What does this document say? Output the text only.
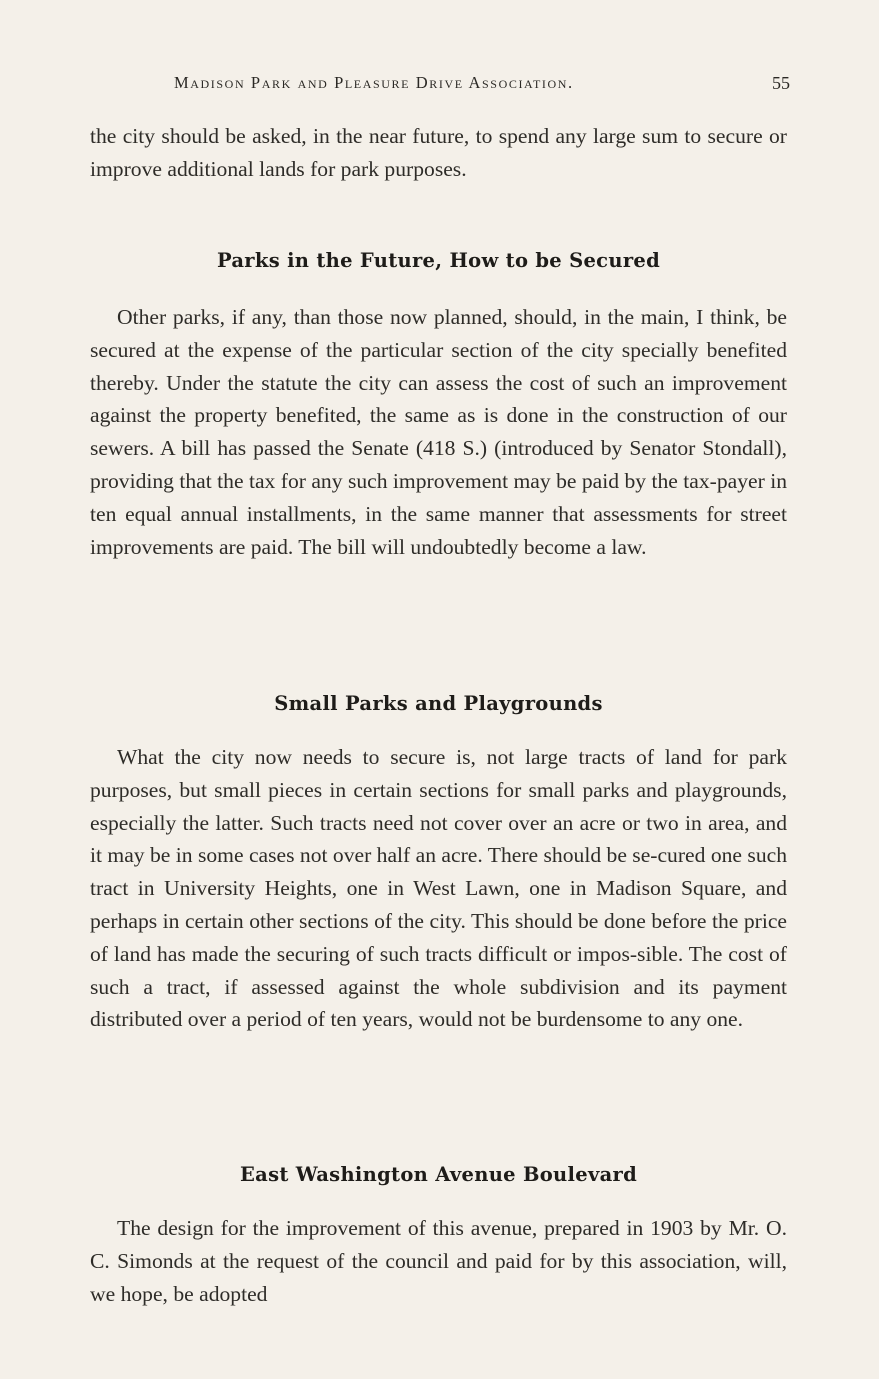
Madison Park and Pleasure Drive Association.	55

the city should be asked, in the near future, to spend any large sum to secure or improve additional lands for park purposes.

Parks in the Future, How to be Secured

Other parks, if any, than those now planned, should, in the main, I think, be secured at the expense of the particular section of the city specially benefited thereby. Under the statute the city can assess the cost of such an improvement against the property benefited, the same as is done in the construction of our sewers. A bill has passed the Senate (418 S.) (introduced by Senator Stondall), providing that the tax for any such improvement may be paid by the tax-payer in ten equal annual installments, in the same manner that assessments for street improvements are paid. The bill will undoubtedly become a law.

Small Parks and Playgrounds

What the city now needs to secure is, not large tracts of land for park purposes, but small pieces in certain sections for small parks and playgrounds, especially the latter. Such tracts need not cover over an acre or two in area, and it may be in some cases not over half an acre. There should be se-cured one such tract in University Heights, one in West Lawn, one in Madison Square, and perhaps in certain other sections of the city. This should be done before the price of land has made the securing of such tracts difficult or impos-sible. The cost of such a tract, if assessed against the whole subdivision and its payment distributed over a period of ten years, would not be burdensome to any one.

East Washington Avenue Boulevard

The design for the improvement of this avenue, prepared in 1903 by Mr. O. C. Simonds at the request of the council and paid for by this association, will, we hope, be adopted
